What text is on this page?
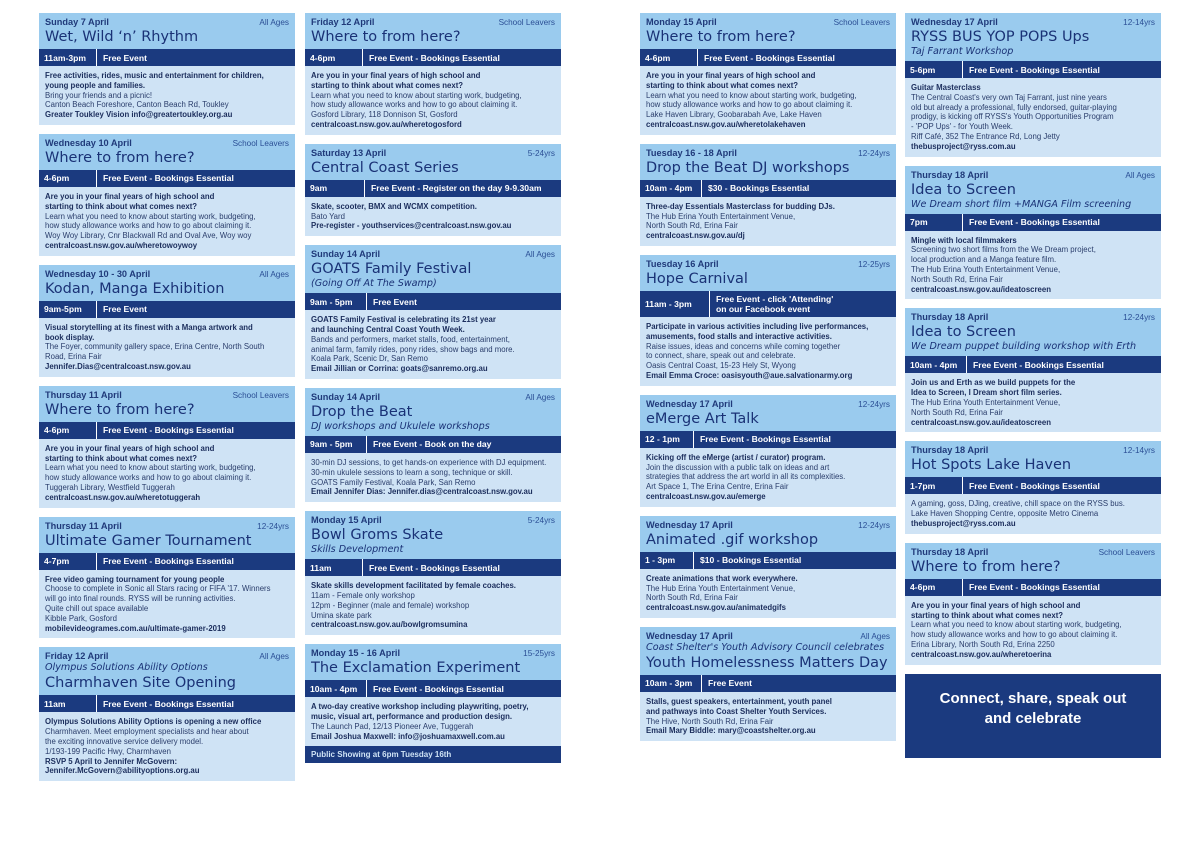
Sunday 7 April	All Ages
Wet, Wild ‘n’ Rhythm
11am-3pm	Free Event
Free activities, rides, music and entertainment for children,
young people and families.
Bring your friends and a picnic!
Canton Beach Foreshore, Canton Beach Rd, Toukley
Greater Toukley Vision info@greatertoukley.org.au
Wednesday 10 April	School Leavers
Where to from here?
4-6pm	Free Event - Bookings Essential
Are you in your final years of high school and
starting to think about what comes next?
Learn what you need to know about starting work, budgeting,
how study allowance works and how to go about claiming it.
Woy Woy Library, Cnr Blackwall Rd and Oval Ave, Woy woy
centralcoast.nsw.gov.au/wheretowoywoy
Wednesday 10 - 30 April	All Ages
Kodan, Manga Exhibition
9am-5pm	Free Event
Visual storytelling at its finest with a Manga artwork and
book display.
The Foyer, community gallery space, Erina Centre, North South
Road, Erina Fair
Jennifer.Dias@centralcoast.nsw.gov.au
Thursday 11 April	School Leavers
Where to from here?
4-6pm	Free Event - Bookings Essential
Are you in your final years of high school and
starting to think about what comes next?
Learn what you need to know about starting work, budgeting,
how study allowance works and how to go about claiming it.
Tuggerah Library, Westfield Tuggerah
centralcoast.nsw.gov.au/wheretotuggerah
Thursday 11 April	12-24yrs
Ultimate Gamer Tournament
4-7pm	Free Event - Bookings Essential
Free video gaming tournament for young people
Choose to complete in Sonic all Stars racing or FIFA '17. Winners
will go into final rounds. RYSS will be running activities.
Quite chill out space available
Kibble Park, Gosford
mobilevideogrames.com.au/ultimate-gamer-2019
Friday 12 April	All Ages
Olympus Solutions Ability Options
Charmhaven Site Opening
11am	Free Event - Bookings Essential
Olympus Solutions Ability Options is opening a new office
Charmhaven. Meet employment specialists and hear about
the exciting innovative service delivery model.
1/193-199 Pacific Hwy, Charmhaven
RSVP 5 April to Jennifer McGovern:
Jennifer.McGovern@abilityoptions.org.au
Friday 12 April	School Leavers
Where to from here?
4-6pm	Free Event - Bookings Essential
Are you in your final years of high school and
starting to think about what comes next?
Learn what you need to know about starting work, budgeting,
how study allowance works and how to go about claiming it.
Gosford Library, 118 Donnison St, Gosford
centralcoast.nsw.gov.au/wheretogosford
Saturday 13 April	5-24yrs
Central Coast Series
9am	Free Event - Register on the day 9-9.30am
Skate, scooter, BMX and WCMX competition.
Bato Yard
Pre-register - youthservices@centralcoast.nsw.gov.au
Sunday 14 April	All Ages
GOATS Family Festival
(Going Off At The Swamp)
9am - 5pm	Free Event
GOATS Family Festival is celebrating its 21st year
and launching Central Coast Youth Week.
Bands and performers, market stalls, food, entertainment,
animal farm, family rides, pony rides, show bags and more.
Koala Park, Scenic Dr, San Remo
Email Jillian or Corrina: goats@sanremo.org.au
Sunday 14 April	All Ages
Drop the Beat
DJ workshops and Ukulele workshops
9am - 5pm	Free Event - Book on the day
30-min DJ sessions, to get hands-on experience with DJ equipment.
30-min ukulele sessions to learn a song, technique or skill.
GOATS Family Festival, Koala Park, San Remo
Email Jennifer Dias: Jennifer.dias@centralcoast.nsw.gov.au
Monday 15 April	5-24yrs
Bowl Groms Skate
Skills Development
11am	Free Event - Bookings Essential
Skate skills development facilitated by female coaches.
11am - Female only workshop
12pm - Beginner (male and female) workshop
Umina skate park
centralcoast.nsw.gov.au/bowlgromsumina
Monday 15 - 16 April	15-25yrs
The Exclamation Experiment
10am - 4pm	Free Event - Bookings Essential
A two-day creative workshop including playwriting, poetry,
music, visual art, performance and production design.
The Launch Pad, 12/13 Pioneer Ave, Tuggerah
Email Joshua Maxwell: info@joshuamaxwell.com.au
Public Showing at 6pm Tuesday 16th
Monday 15 April	School Leavers
Where to from here?
4-6pm	Free Event - Bookings Essential
Are you in your final years of high school and
starting to think about what comes next?
Learn what you need to know about starting work, budgeting,
how study allowance works and how to go about claiming it.
Lake Haven Library, Goobarabah Ave, Lake Haven
centralcoast.nsw.gov.au/wheretolakehaven
Tuesday 16 - 18 April	12-24yrs
Drop the Beat DJ workshops
10am - 4pm	$30 - Bookings Essential
Three-day Essentials Masterclass for budding DJs.
The Hub Erina Youth Entertainment Venue,
North South Rd, Erina Fair
centralcoast.nsw.gov.au/dj
Tuesday 16 April	12-25yrs
Hope Carnival
11am - 3pm	Free Event - click 'Attending'
on our Facebook event
Participate in various activities including live performances,
amusements, food stalls and interactive activities.
Raise issues, ideas and concerns while coming together
to connect, share, speak out and celebrate.
Oasis Central Coast, 15-23 Hely St, Wyong
Email Emma Croce: oasisyouth@aue.salvationarmy.org
Wednesday 17 April	12-24yrs
eMerge Art Talk
12 - 1pm	Free Event - Bookings Essential
Kicking off the eMerge (artist / curator) program.
Join the discussion with a public talk on ideas and art
strategies that address the art world in all its complexities.
Art Space 1, The Erina Centre, Erina Fair
centralcoast.nsw.gov.au/emerge
Wednesday 17 April	12-24yrs
Animated .gif workshop
1 - 3pm	$10 - Bookings Essential
Create animations that work everywhere.
The Hub Erina Youth Entertainment Venue,
North South Rd, Erina Fair
centralcoast.nsw.gov.au/animatedgifs
Wednesday 17 April	All Ages
Coast Shelter's Youth Advisory Council celebrates
Youth Homelessness Matters Day
10am - 3pm	Free Event
Stalls, guest speakers, entertainment, youth panel
and pathways into Coast Shelter Youth Services.
The Hive, North South Rd, Erina Fair
Email Mary Biddle: mary@coastshelter.org.au
Wednesday 17 April	12-14yrs
RYSS BUS YOP POPS Ups
Taj Farrant Workshop
5-6pm	Free Event - Bookings Essential
Guitar Masterclass
The Central Coast's very own Taj Farrant, just nine years
old but already a professional, fully endorsed, guitar-playing
prodigy, is kicking off RYSS's Youth Opportunities Program
- 'POP Ups' - for Youth Week.
Riff Café, 352 The Entrance Rd, Long Jetty
thebusproject@ryss.com.au
Thursday 18 April	All Ages
Idea to Screen
We Dream short film +MANGA Film screening
7pm	Free Event - Bookings Essential
Mingle with local filmmakers
Screening two short films from the We Dream project,
local production and a Manga feature film.
The Hub Erina Youth Entertainment Venue,
North South Rd, Erina Fair
centralcoast.nsw.gov.au/ideatoscreen
Thursday 18 April	12-24yrs
Idea to Screen
We Dream puppet building workshop with Erth
10am - 4pm	Free Event - Bookings Essential
Join us and Erth as we build puppets for the
Idea to Screen, I Dream short film series.
The Hub Erina Youth Entertainment Venue,
North South Rd, Erina Fair
centralcoast.nsw.gov.au/ideatoscreen
Thursday 18 April	12-14yrs
Hot Spots Lake Haven
1-7pm	Free Event - Bookings Essential
A gaming, goss, DJing, creative, chill space on the RYSS bus.
Lake Haven Shopping Centre, opposite Metro Cinema
thebusproject@ryss.com.au
Thursday 18 April	School Leavers
Where to from here?
4-6pm	Free Event - Bookings Essential
Are you in your final years of high school and
starting to think about what comes next?
Learn what you need to know about starting work, budgeting,
how study allowance works and how to go about claiming it.
Erina Library, North South Rd, Erina 2250
centralcoast.nsw.gov.au/wheretoerina
Connect, share, speak out
and celebrate
